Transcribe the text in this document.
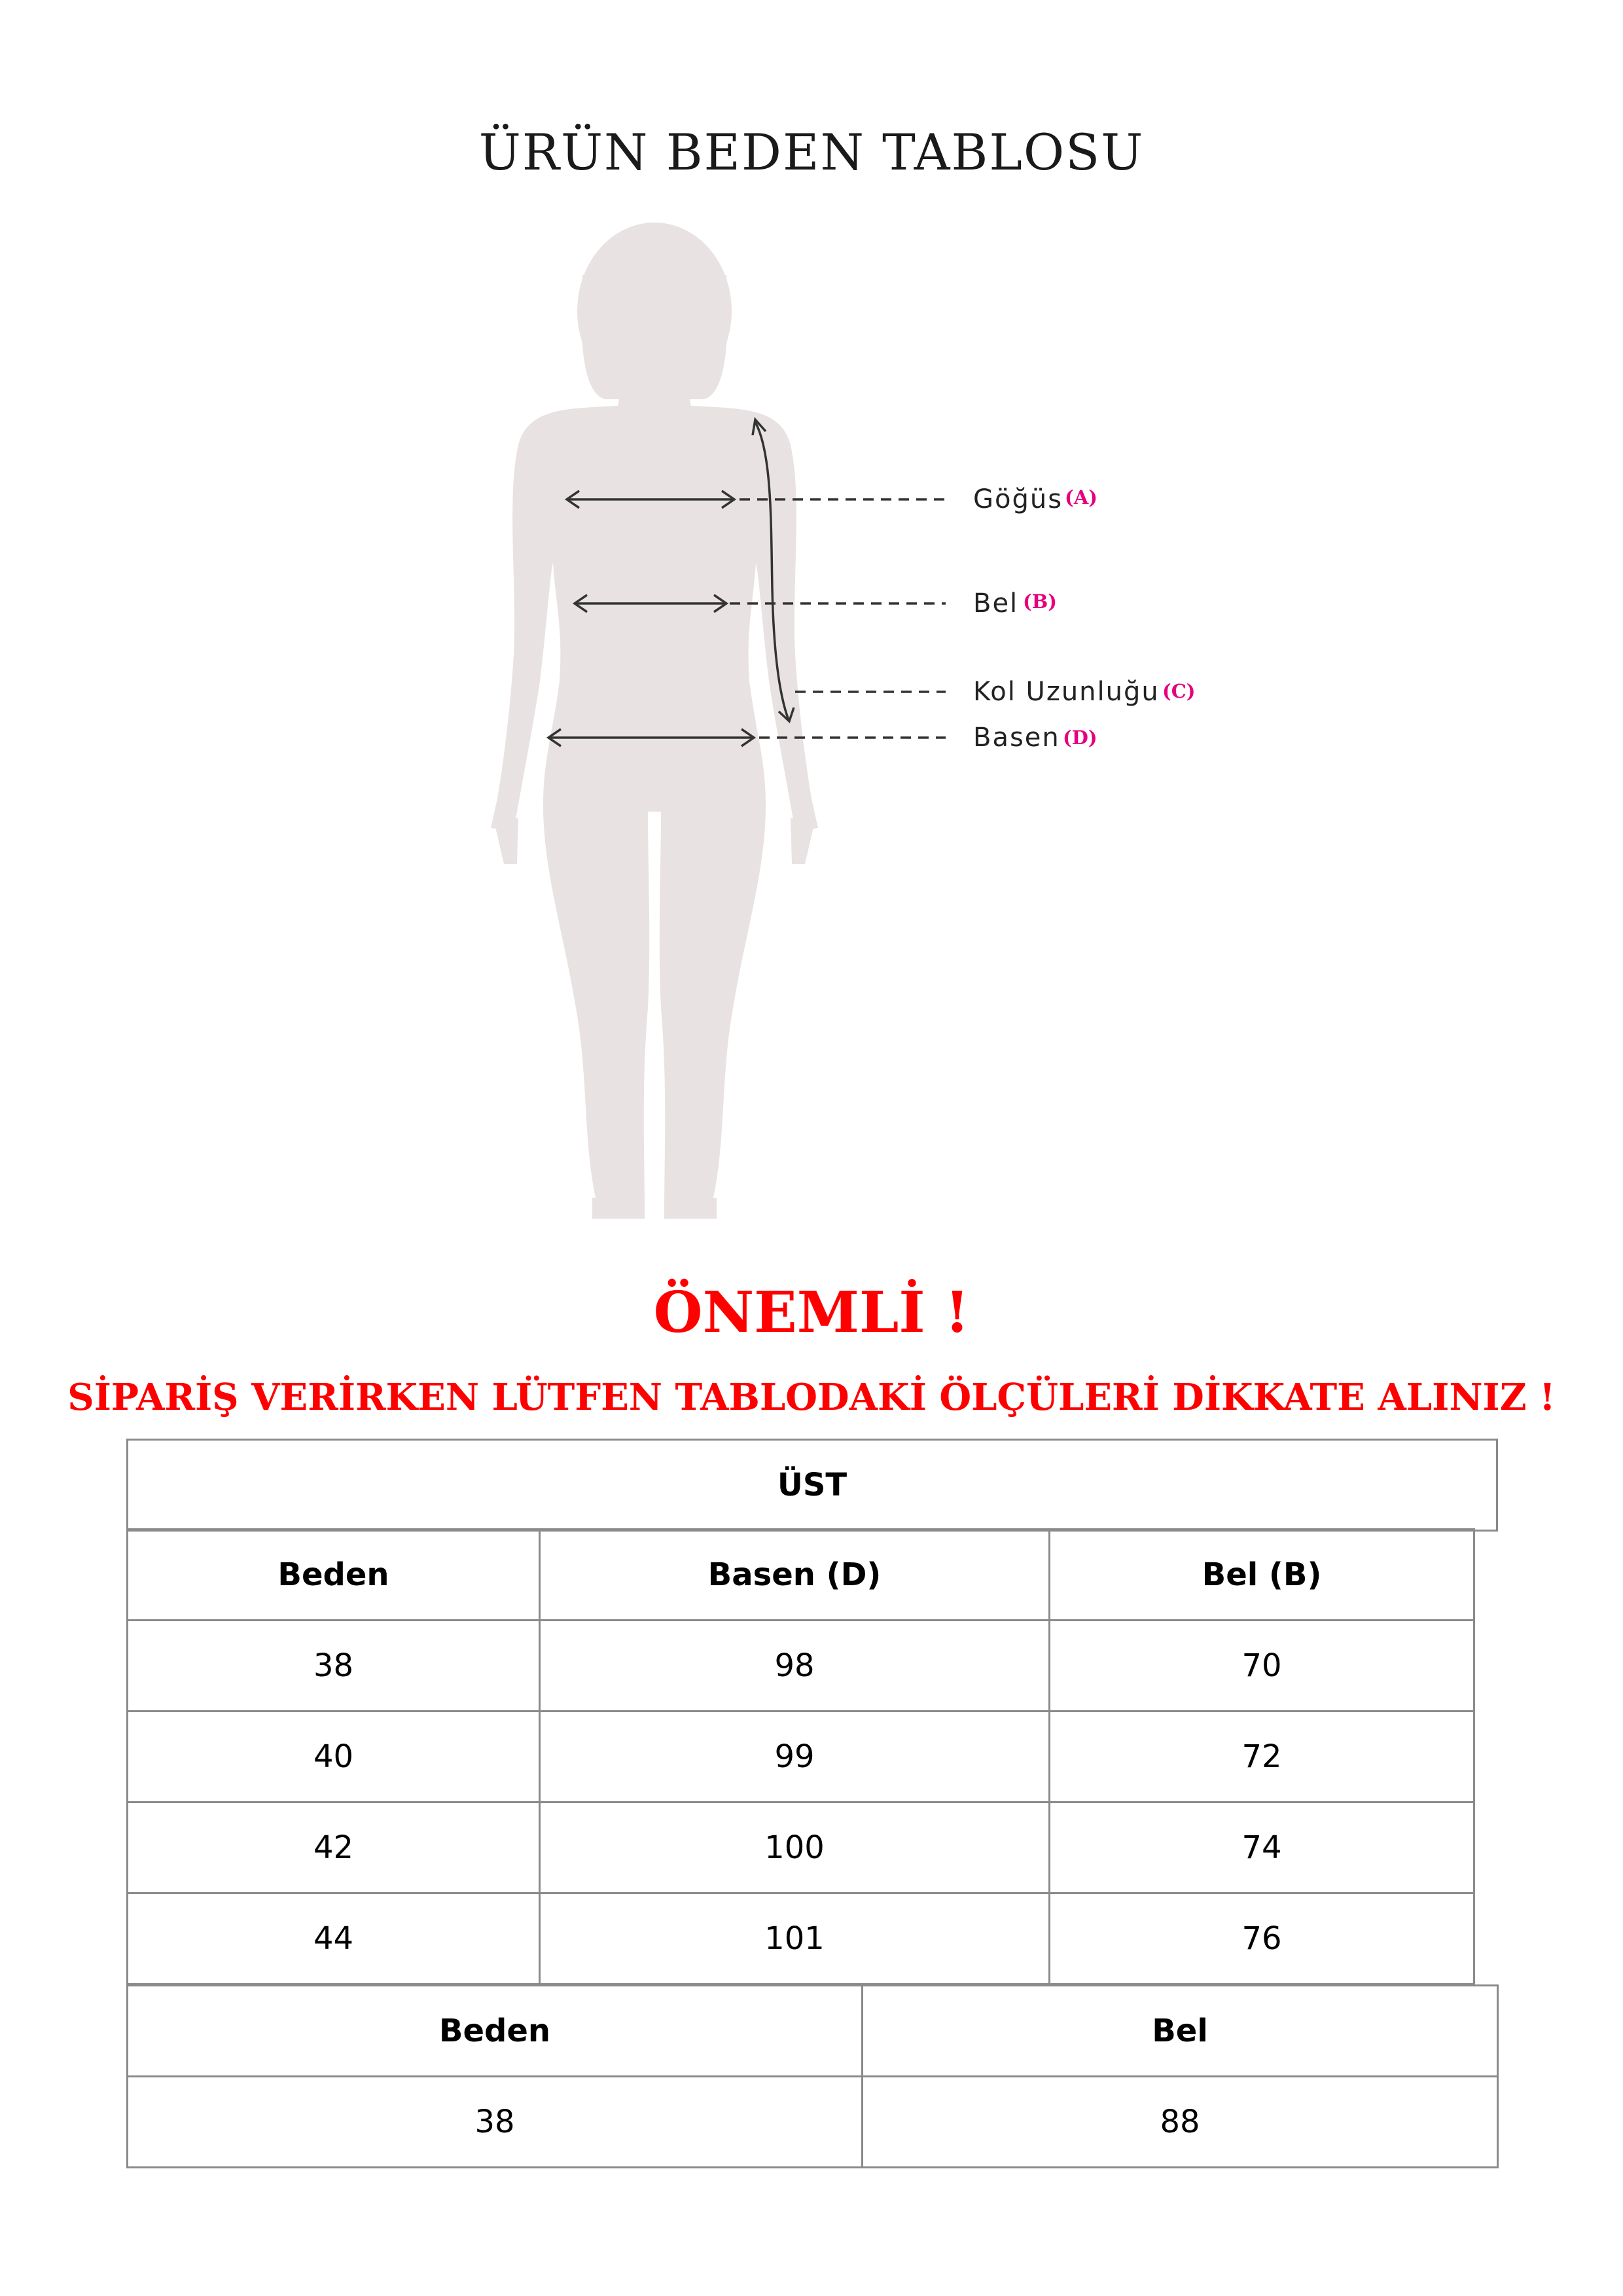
ÜRÜN BEDEN TABLOSU
Göğüs (A)
Bel (B)
Kol Uzunluğu (C)
Basen (D)
ÖNEMLİ !
SİPARİŞ VERİRKEN LÜTFEN TABLODAKİ ÖLÇÜLERİ DİKKATE ALINIZ !
ÜST
Beden	Basen (D)	Bel (B)
38	98	70
40	99	72
42	100	74
44	101	76
Beden	Bel
38	88
